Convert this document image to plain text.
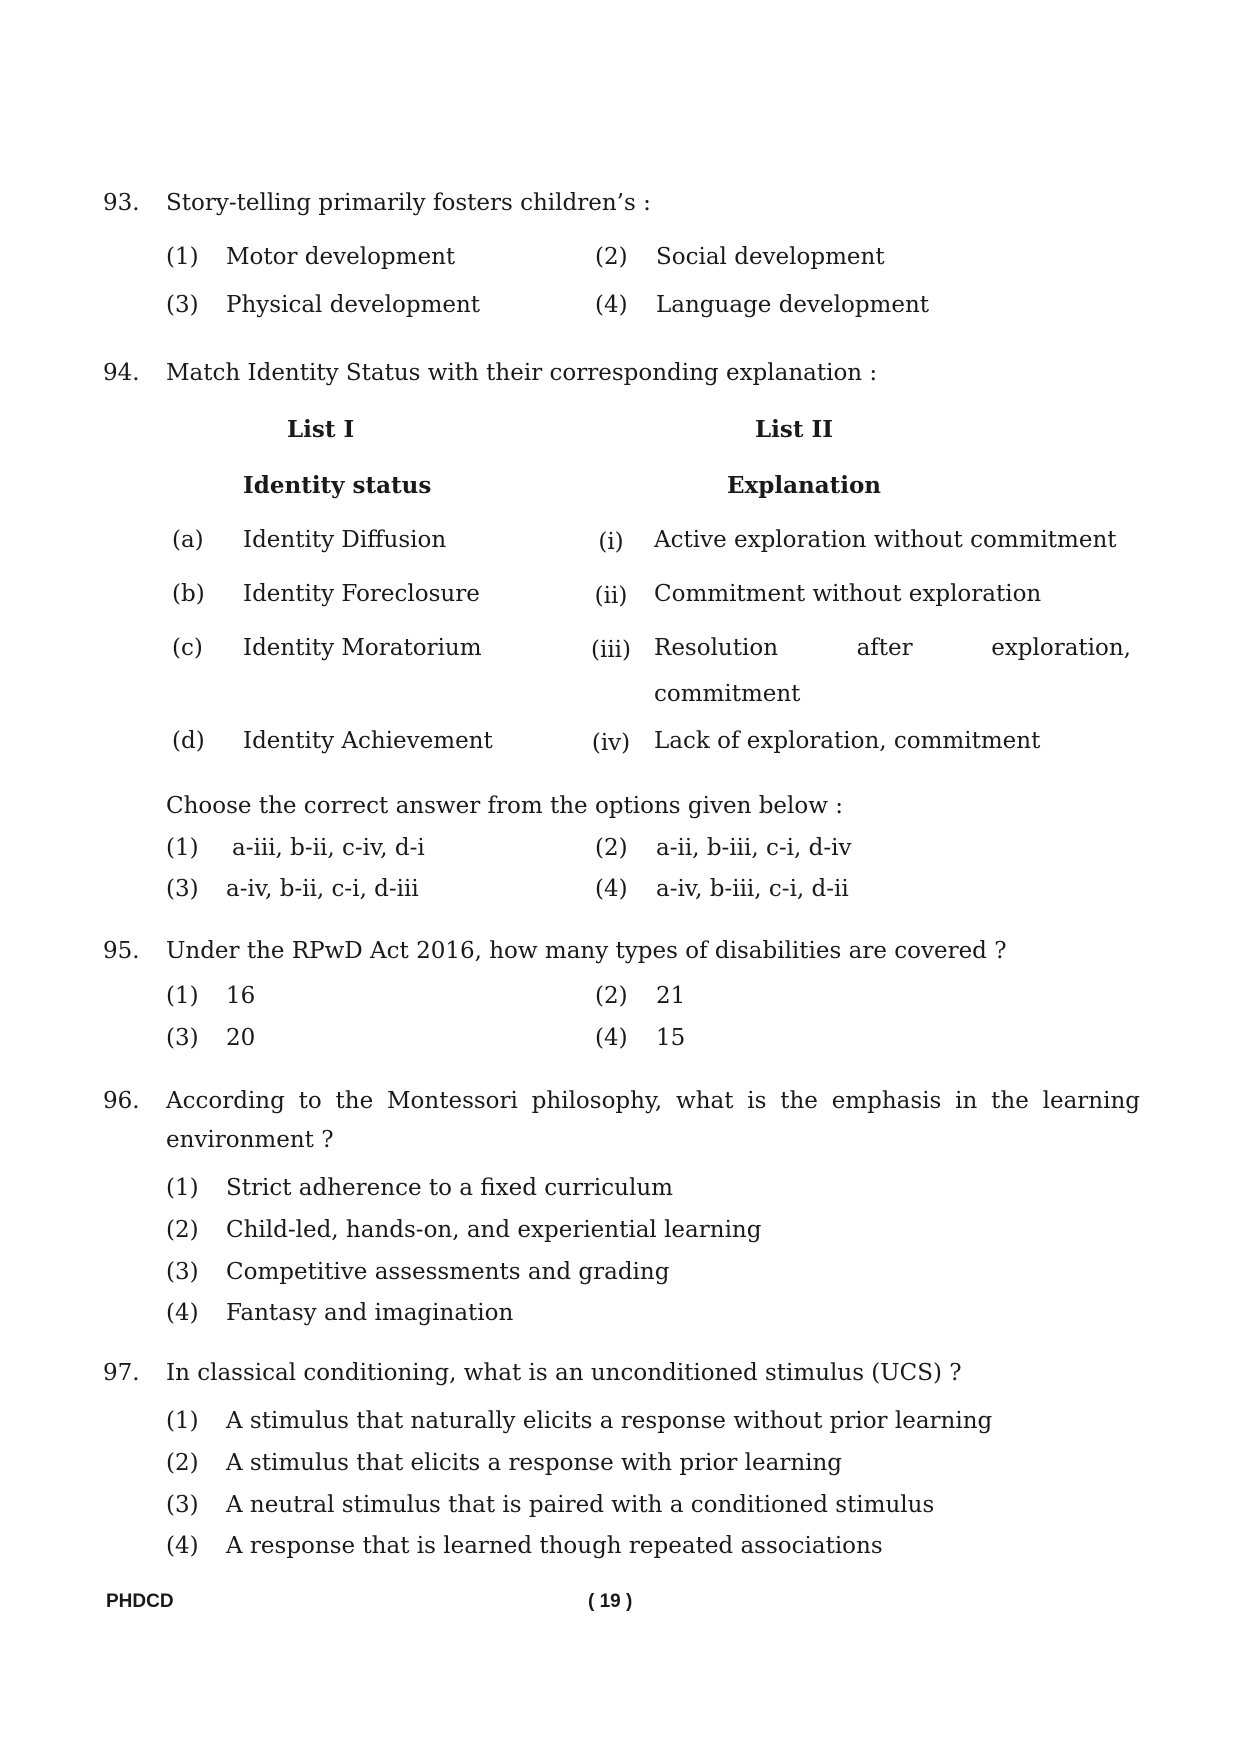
93. Story-telling primarily fosters children’s :
(1) Motor development	(2) Social development
(3) Physical development	(4) Language development
94. Match Identity Status with their corresponding explanation :
List I	List II
Identity status	Explanation
(a) Identity Diffusion	(i)	Active exploration without commitment
(b) Identity Foreclosure	(ii)	Commitment without exploration
(c) Identity Moratorium	(iii)	Resolution after exploration,
commitment
(d) Identity Achievement	(iv)	Lack of exploration, commitment
Choose the correct answer from the options given below :
(1) a-iii, b-ii, c-iv, d-i	(2) a-ii, b-iii, c-i, d-iv
(3) a-iv, b-ii, c-i, d-iii	(4) a-iv, b-iii, c-i, d-ii
95. Under the RPwD Act 2016, how many types of disabilities are covered ?
(1) 16	(2) 21
(3) 20	(4) 15
96. According to the Montessori philosophy, what is the emphasis in the learning
environment ?
(1) Strict adherence to a fixed curriculum
(2) Child-led, hands-on, and experiential learning
(3) Competitive assessments and grading
(4) Fantasy and imagination
97. In classical conditioning, what is an unconditioned stimulus (UCS) ?
(1) A stimulus that naturally elicits a response without prior learning
(2) A stimulus that elicits a response with prior learning
(3) A neutral stimulus that is paired with a conditioned stimulus
(4) A response that is learned though repeated associations
PHDCD	( 19 )
